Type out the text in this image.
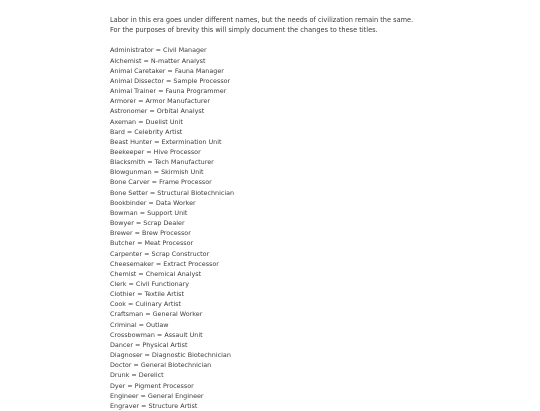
Labor in this era goes under different names, but the needs of civilization remain the same. For the purposes of brevity this will simply document the changes to these titles.

Administrator = Civil Manager
Alchemist = N-matter Analyst
Animal Caretaker = Fauna Manager
Animal Dissector = Sample Processor
Animal Trainer = Fauna Programmer
Armorer = Armor Manufacturer
Astronomer = Orbital Analyst
Axeman = Duelist Unit
Bard = Celebrity Artist
Beast Hunter = Extermination Unit
Beekeeper = Hive Processor
Blacksmith = Tech Manufacturer
Blowgunman = Skirmish Unit
Bone Carver = Frame Processor
Bone Setter = Structural Biotechnician
Bookbinder = Data Worker
Bowman = Support Unit
Bowyer = Scrap Dealer
Brewer = Brew Processor
Butcher = Meat Processor
Carpenter = Scrap Constructor
Cheesemaker = Extract Processor
Chemist = Chemical Analyst
Clerk = Civil Functionary
Clothier = Textile Artist
Cook = Culinary Artist
Craftsman = General Worker
Criminal = Outlaw
Crossbowman = Assault Unit
Dancer = Physical Artist
Diagnoser = Diagnostic Biotechnician
Doctor = General Biotechnician
Drunk = Derelict
Dyer = Pigment Processor
Engineer = General Engineer
Engraver = Structure Artist
